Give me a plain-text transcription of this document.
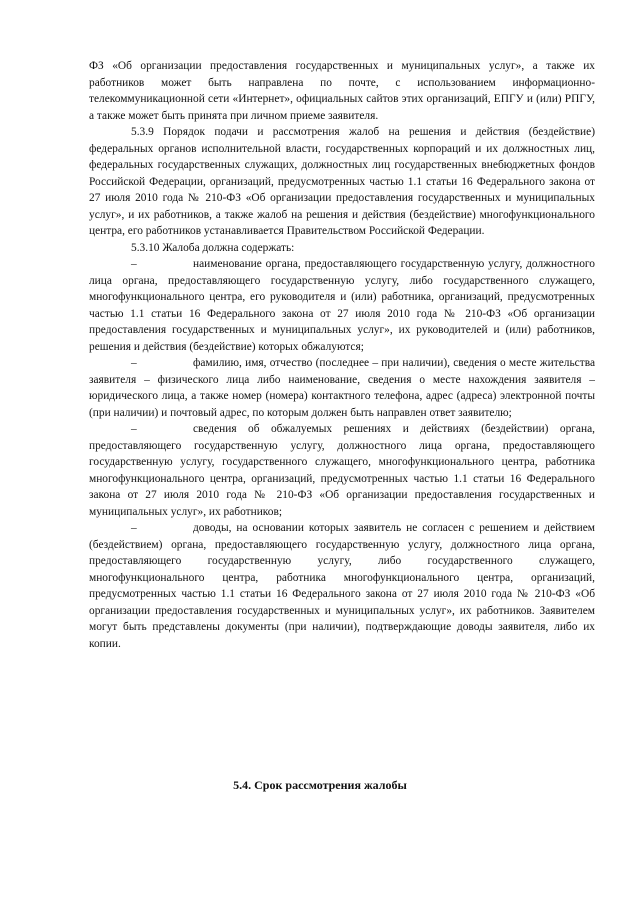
ФЗ «Об организации предоставления государственных и муниципальных услуг», а также их работников может быть направлена по почте, с использованием информационно-телекоммуникационной сети «Интернет», официальных сайтов этих организаций, ЕПГУ и (или) РПГУ, а также может быть принята при личном приеме заявителя.

5.3.9 Порядок подачи и рассмотрения жалоб на решения и действия (бездействие) федеральных органов исполнительной власти, государственных корпораций и их должностных лиц, федеральных государственных служащих, должностных лиц государственных внебюджетных фондов Российской Федерации, организаций, предусмотренных частью 1.1 статьи 16 Федерального закона от 27 июля 2010 года № 210-ФЗ «Об организации предоставления государственных и муниципальных услуг», и их работников, а также жалоб на решения и действия (бездействие) многофункционального центра, его работников устанавливается Правительством Российской Федерации.

5.3.10 Жалоба должна содержать:

–	наименование органа, предоставляющего государственную услугу, должностного лица органа, предоставляющего государственную услугу, либо государственного служащего, многофункционального центра, его руководителя и (или) работника, организаций, предусмотренных частью 1.1 статьи 16 Федерального закона от 27 июля 2010 года № 210-ФЗ «Об организации предоставления государственных и муниципальных услуг», их руководителей и (или) работников, решения и действия (бездействие) которых обжалуются;

–	фамилию, имя, отчество (последнее – при наличии), сведения о месте жительства заявителя – физического лица либо наименование, сведения о месте нахождения заявителя – юридического лица, а также номер (номера) контактного телефона, адрес (адреса) электронной почты (при наличии) и почтовый адрес, по которым должен быть направлен ответ заявителю;

–	сведения об обжалуемых решениях и действиях (бездействии) органа, предоставляющего государственную услугу, должностного лица органа, предоставляющего государственную услугу, государственного служащего, многофункционального центра, работника многофункционального центра, организаций, предусмотренных частью 1.1 статьи 16 Федерального закона от 27 июля 2010 года № 210-ФЗ «Об организации предоставления государственных и муниципальных услуг», их работников;

–	доводы, на основании которых заявитель не согласен с решением и действием (бездействием) органа, предоставляющего государственную услугу, должностного лица органа, предоставляющего государственную услугу, либо государственного служащего, многофункционального центра, работника многофункционального центра, организаций, предусмотренных частью 1.1 статьи 16 Федерального закона от 27 июля 2010 года № 210-ФЗ «Об организации предоставления государственных и муниципальных услуг», их работников. Заявителем могут быть представлены документы (при наличии), подтверждающие доводы заявителя, либо их копии.

5.4. Срок рассмотрения жалобы
